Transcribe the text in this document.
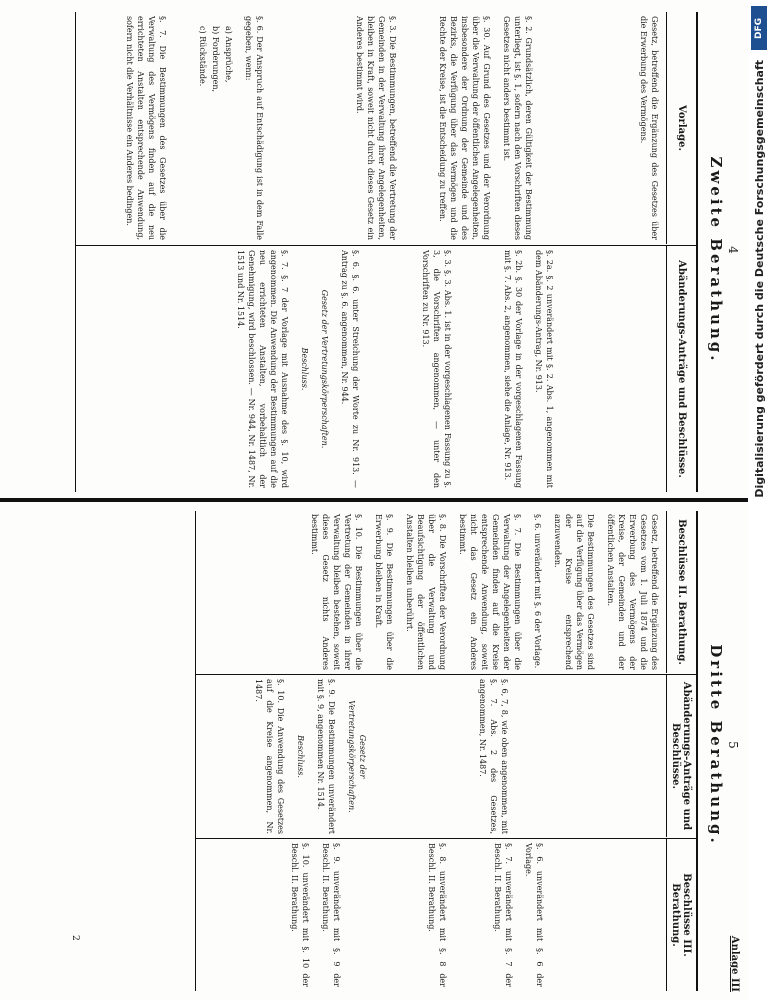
4
Zweite Berathung.
Vorlage.
Abänderungs-Anträge und Beschlüsse.

Gesetz, betreffend die Ergänzung des Gesetzes über die Erwerbung des Vermögens.

§. 2. Grundsätzlich, deren Gültigkeit der Bestimmung unterliegt, ist §. 1, sofern nach den Vorschriften dieses Gesetzes nicht anders bestimmt ist.

§. 30. Auf Grund des Gesetzes und der Verordnung über die Verwaltung der öffentlichen Angelegenheiten, insbesondere der Ordnung der Gemeinde und des Bezirks, die Verfügung über das Vermögen und die Rechte der Kreise, ist die Entscheidung zu treffen.

§. 3. Die Bestimmungen, betreffend die Vertretung der Gemeinden in der Verwaltung ihrer Angelegenheiten, bleiben in Kraft, soweit nicht durch dieses Gesetz ein Anderes bestimmt wird.

§. 6. Der Anspruch auf Entschädigung ist in dem Falle gegeben, wenn:

a) Ansprüche,

b) Forderungen,

c) Rückstände.

§. 7. Die Bestimmungen des Gesetzes über die Verwaltung des Vermögens finden auf die neu errichteten Anstalten entsprechende Anwendung, sofern nicht die Verhältnisse ein Anderes bedingen.

§. 2a. §. 2 unverändert mit §. 2. Abs. 1, angenommen mit dem Abänderungs-Antrag, Nr. 913.

§. 2b. §. 30 der Vorlage in der vorgeschlagenen Fassung mit §. 7. Abs. 2, angenommen, siehe die Anlage, Nr. 913.

§. 3. §. 3. Abs. 1. ist in der vorgeschlagenen Fassung zu §. 3, die Vorschriften angenommen, — unter den Vorschriften zu Nr. 913.

§. 6. §. 6. unter Streichung der Worte zu Nr. 913. — Antrag zu §. 6. angenommen, Nr. 944.

Gesetz der Vertretungskörperschaften.

Beschluss.

§. 7. §. 7 der Vorlage mit Ausnahme des §. 10, wird angenommen. Die Anwendung der Bestimmungen auf die neu errichteten Anstalten, vorbehaltlich der Genehmigung, wird beschlossen. — Nr. 944, Nr. 1487, Nr. 1513 und Nr. 1514.

5
Dritte Berathung.
Anlage III
Beschlüsse II. Berathung.
Abänderungs-Anträge und Beschlüsse.
Beschlüsse III. Berathung.

Gesetz, betreffend die Ergänzung des Gesetzes vom 1. Juli 1874 und die Erwerbung des Vermögens der Kreise, der Gemeinden und der öffentlichen Anstalten.

Die Bestimmungen des Gesetzes sind auf die Verfügung über das Vermögen der Kreise entsprechend anzuwenden.

§. 6. unverändert mit §. 6 der Vorlage.

§. 7. Die Bestimmungen über die Verwaltung der Angelegenheiten der Gemeinden finden auf die Kreise entsprechende Anwendung, soweit nicht das Gesetz ein Anderes bestimmt.

§. 8. Die Vorschriften der Verordnung über die Verwaltung und Beaufsichtigung der öffentlichen Anstalten bleiben unberührt.

§. 9. Die Bestimmungen über die Erwerbung bleiben in Kraft.

§. 10. Die Bestimmungen über die Vertretung der Gemeinden in ihrer Verwaltung bleiben bestehen, soweit dieses Gesetz nichts Anderes bestimmt.

§. 6, 7, 8, wie oben angenommen, mit §. 7. Abs. 2 des Gesetzes, angenommen, Nr. 1487.

Gesetz der Vertretungskörperschaften.

§. 9. Die Bestimmungen unverändert mit §. 9, angenommen Nr. 1514.

Beschluss.

§. 10. Die Anwendung des Gesetzes auf die Kreise angenommen, Nr. 1487.

§. 6. unverändert mit §. 6 der Vorlage.

§. 7. unverändert mit §. 7 der Beschl. II. Berathung.

§. 8. unverändert mit §. 8 der Beschl. II. Berathung.

§. 9. unverändert mit §. 9 der Beschl. II. Berathung.

§. 10. unverändert mit §. 10 der Beschl. II. Berathung.

2
DFG
Digitalisierung gefördert durch die Deutsche Forschungsgemeinschaft
